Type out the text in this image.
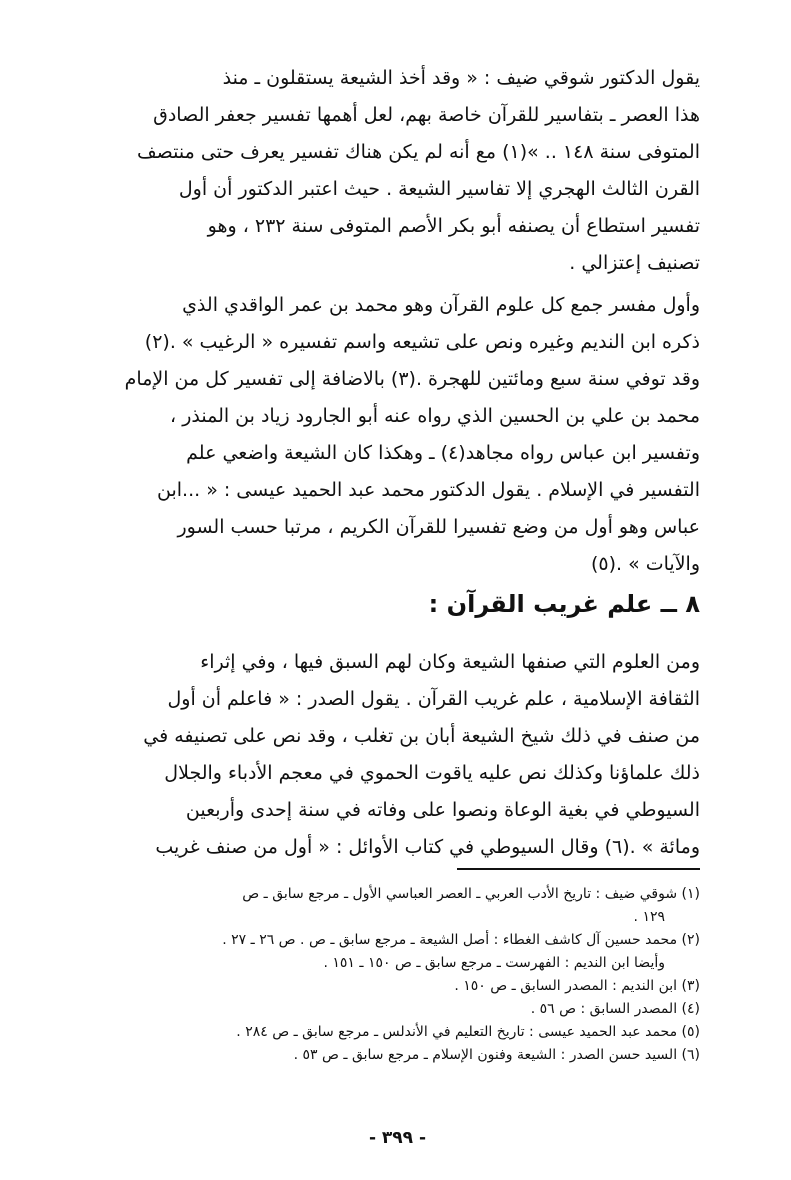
يقول الدكتور شوقي ضيف : « وقد أخذ الشيعة يستقلون ـ منذ

هذا العصر ـ بتفاسير للقرآن خاصة بهم، لعل أهمها تفسير جعفر الصادق

المتوفى سنة ١٤٨ .. »(١) مع أنه لم يكن هناك تفسير يعرف حتى منتصف

القرن الثالث الهجري إلا تفاسير الشيعة . حيث اعتبر الدكتور أن أول

تفسير استطاع أن يصنفه أبو بكر الأصم المتوفى سنة ٢٣٢ ، وهو

تصنيف إعتزالي .

وأول مفسر جمع كل علوم القرآن وهو محمد بن عمر الواقدي الذي

ذكره ابن النديم وغيره ونص على تشيعه واسم تفسيره « الرغيب » .(٢)

وقد توفي سنة سبع ومائتين للهجرة .(٣) بالاضافة إلى تفسير كل من الإمام

محمد بن علي بن الحسين الذي رواه عنه أبو الجارود زياد بن المنذر ،

وتفسير ابن عباس رواه مجاهد(٤) ـ وهكذا كان الشيعة واضعي علم

التفسير في الإسلام . يقول الدكتور محمد عبد الحميد عيسى : « ...ابن

عباس وهو أول من وضع تفسيرا للقرآن الكريم ، مرتبا حسب السور

والآيات » .(٥)

٨ ــ علم غريب القرآن :

ومن العلوم التي صنفها الشيعة وكان لهم السبق فيها ، وفي إثراء

الثقافة الإسلامية ، علم غريب القرآن . يقول الصدر : « فاعلم أن أول

من صنف في ذلك شيخ الشيعة أبان بن تغلب ، وقد نص على تصنيفه في

ذلك علماؤنا وكذلك نص عليه ياقوت الحموي في معجم الأدباء والجلال

السيوطي في بغية الوعاة ونصوا على وفاته في سنة إحدى وأربعين

ومائة » .(٦) وقال السيوطي في كتاب الأوائل : « أول من صنف غريب

(١) شوقي ضيف : تاريخ الأدب العربي ـ العصر العباسي الأول ـ مرجع سابق ـ ص
١٢٩ .
(٢) محمد حسين آل كاشف الغطاء : أصل الشيعة ـ مرجع سابق ـ ص . ص ٢٦ ـ ٢٧ .
وأيضا ابن النديم : الفهرست ـ مرجع سابق ـ ص ١٥٠ ـ ١٥١ .
(٣) ابن النديم : المصدر السابق ـ ص ١٥٠ .
(٤) المصدر السابق : ص ٥٦ .
(٥) محمد عبد الحميد عيسى : تاريخ التعليم في الأندلس ـ مرجع سابق ـ ص ٢٨٤ .
(٦) السيد حسن الصدر : الشيعة وفنون الإسلام ـ مرجع سابق ـ ص ٥٣ .
- ٣٩٩ -
